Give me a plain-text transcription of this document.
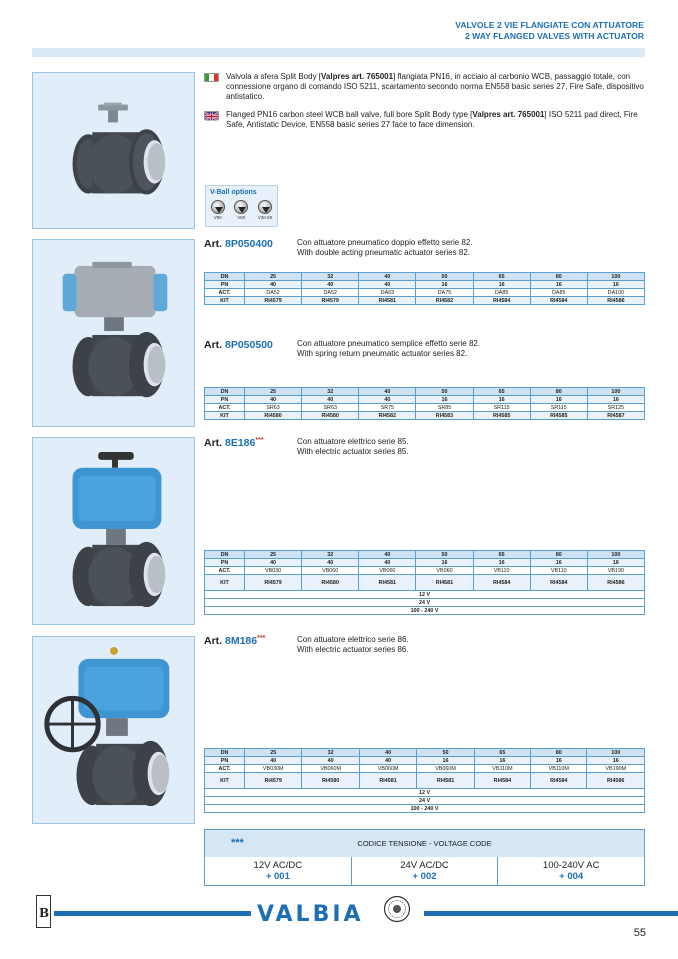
VALVOLE 2 VIE FLANGIATE CON ATTUATORE
2 WAY FLANGED VALVES WITH ACTUATOR

Valvola a sfera Split Body [Valpres art. 765001] flangiata PN16, in acciaio al carbonio WCB, passaggio totale, con connessione organo di comando ISO 5211, scartamento secondo norma EN558 basic series 27, Fire Safe, dispositivo antistatico.

Flanged PN16 carbon steel WCB ball valve, full bore Split Body type [Valpres art. 765001] ISO 5211 pad direct, Fire Safe, Antistatic Device, EN558 basic series 27 face to face dimension.

V-Ball options
V90	V60	V30-60
Art. 8P050400	Con attuatore pneumatico doppio effetto serie 82.
With double acting pneumatic actuator series 82.
DN	25	32	40	50	65	80	100
PN	40	40	40	16	16	16	16
ACT.	DA52	DA52	DA63	DA75	DA85	DA85	DA100
KIT	RI4579	RI4579	RI4581	RI4582	RI4584	RI4584	RI4586
Art. 8P050500	Con attuatore pneumatico semplice effetto serie 82.
With spring return pneumatic actuator series 82.
DN	25	32	40	50	65	80	100
PN	40	40	40	16	16	16	16
ACT.	SR63	SR63	SR75	SR85	SR115	SR115	SR125
KIT	RI4580	RI4580	RI4582	RI4583	RI4585	RI4585	RI4587
Art. 8E186***	Con attuatore elettrico serie 85.
With electric actuator series 85.
DN	25	32	40	50	65	80	100
PN	40	40	40	16	16	16	16
ACT.	VB030	VB060	VB060	VB060	VB110	VB110	VB190
KIT	RI4579	RI4580	RI4581	RI4581	RI4584	RI4584	RI4586
12 V							
24 V							
100 - 240 V							
Art. 8M186***	Con attuatore elettrico serie 86.
With electric actuator series 86.
DN	25	32	40	50	65	80	100
PN	40	40	40	16	16	16	16
ACT.	VB030M	VB060M	VB060M	VB060M	VB110M	VB110M	VB190M
KIT	RI4579	RI4580	RI4581	RI4581	RI4584	RI4584	RI4586
12 V							
24 V							
100 - 240 V							
***	CODICE TENSIONE - VOLTAGE CODE
12V AC/DC
+ 001
24V AC/DC
+ 002
100-240V AC
+ 004
B	VALBIA
55
